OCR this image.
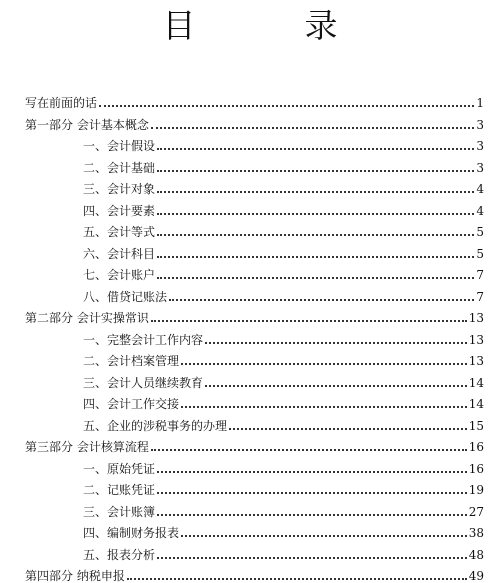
目　录
写在前面的话	1
第一部分 会计基本概念	3
一、会计假设	3
二、会计基础	3
三、会计对象	4
四、会计要素	4
五、会计等式	5
六、会计科目	5
七、会计账户	7
八、借贷记账法	7
第二部分 会计实操常识	13
一、完整会计工作内容	13
二、会计档案管理	13
三、会计人员继续教育	14
四、会计工作交接	14
五、企业的涉税事务的办理	15
第三部分 会计核算流程	16
一、原始凭证	16
二、记账凭证	19
三、会计账簿	27
四、编制财务报表	38
五、报表分析	48
第四部分 纳税申报	49
